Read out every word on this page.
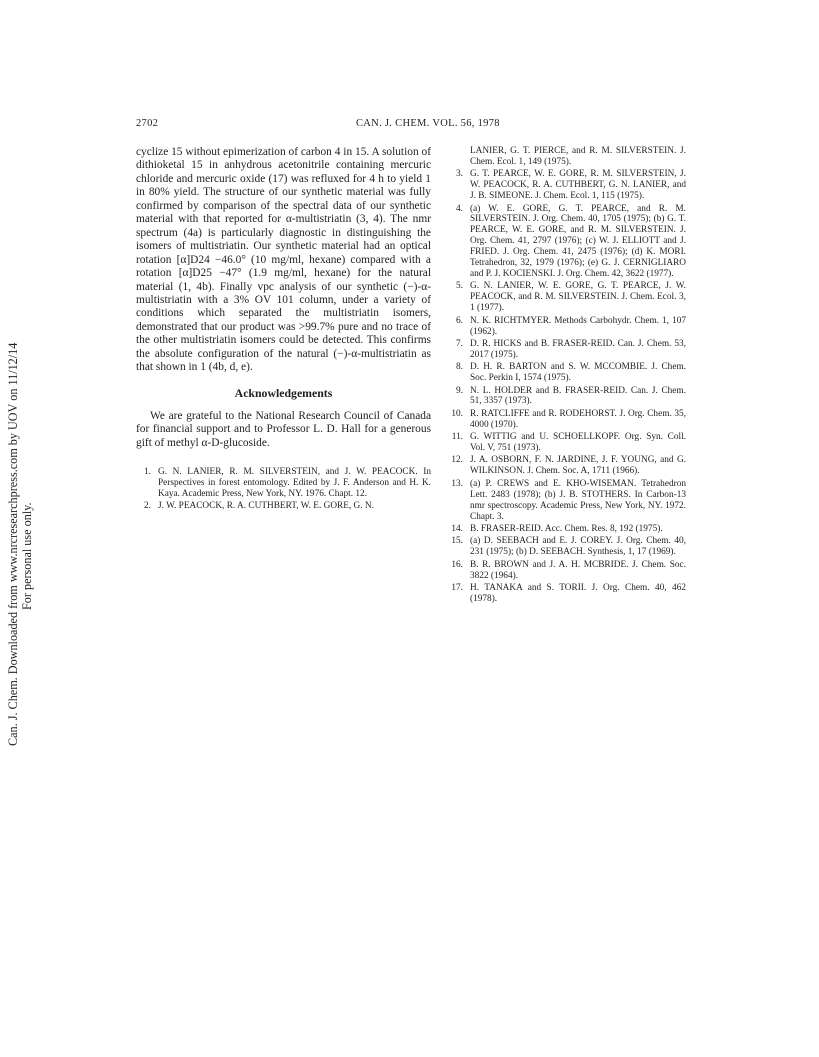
Can. J. Chem. Downloaded from www.nrcresearchpress.com by UOV on 11/12/14 For personal use only.
2702	CAN. J. CHEM. VOL. 56, 1978

cyclize 15 without epimerization of carbon 4 in 15. A solution of dithioketal 15 in anhydrous acetonitrile containing mercuric chloride and mercuric oxide (17) was refluxed for 4 h to yield 1 in 80% yield. The structure of our synthetic material was fully confirmed by comparison of the spectral data of our synthetic material with that reported for α-multistriatin (3, 4). The nmr spectrum (4a) is particularly diagnostic in distinguishing the isomers of multistriatin. Our synthetic material had an optical rotation [α]D24 −46.0° (10 mg/ml, hexane) compared with a rotation [α]D25 −47° (1.9 mg/ml, hexane) for the natural material (1, 4b). Finally vpc analysis of our synthetic (−)-α-multistriatin with a 3% OV 101 column, under a variety of conditions which separated the multistriatin isomers, demonstrated that our product was >99.7% pure and no trace of the other multistriatin isomers could be detected. This confirms the absolute configuration of the natural (−)-α-multistriatin as that shown in 1 (4b, d, e).

Acknowledgements

We are grateful to the National Research Council of Canada for financial support and to Professor L. D. Hall for a generous gift of methyl α-D-glucoside.

1. G. N. LANIER, R. M. SILVERSTEIN, and J. W. PEACOCK. In Perspectives in forest entomology. Edited by J. F. Anderson and H. K. Kaya. Academic Press, New York, NY. 1976. Chapt. 12.
2. J. W. PEACOCK, R. A. CUTHBERT, W. E. GORE, G. N.
LANIER, G. T. PIERCE, and R. M. SILVERSTEIN. J. Chem. Ecol. 1, 149 (1975).
3. G. T. PEARCE, W. E. GORE, R. M. SILVERSTEIN, J. W. PEACOCK, R. A. CUTHBERT, G. N. LANIER, and J. B. SIMEONE. J. Chem. Ecol. 1, 115 (1975).
4. (a) W. E. GORE, G. T. PEARCE, and R. M. SILVERSTEIN. J. Org. Chem. 40, 1705 (1975); (b) G. T. PEARCE, W. E. GORE, and R. M. SILVERSTEIN. J. Org. Chem. 41, 2797 (1976); (c) W. J. ELLIOTT and J. FRIED. J. Org. Chem. 41, 2475 (1976); (d) K. MORI. Tetrahedron, 32, 1979 (1976); (e) G. J. CERNIGLIARO and P. J. KOCIENSKI. J. Org. Chem. 42, 3622 (1977).
5. G. N. LANIER, W. E. GORE, G. T. PEARCE, J. W. PEACOCK, and R. M. SILVERSTEIN. J. Chem. Ecol. 3, 1 (1977).
6. N. K. RICHTMYER. Methods Carbohydr. Chem. 1, 107 (1962).
7. D. R. HICKS and B. FRASER-REID. Can. J. Chem. 53, 2017 (1975).
8. D. H. R. BARTON and S. W. MCCOMBIE. J. Chem. Soc. Perkin I, 1574 (1975).
9. N. L. HOLDER and B. FRASER-REID. Can. J. Chem. 51, 3357 (1973).
10. R. RATCLIFFE and R. RODEHORST. J. Org. Chem. 35, 4000 (1970).
11. G. WITTIG and U. SCHOELLKOPF. Org. Syn. Coll. Vol. V, 751 (1973).
12. J. A. OSBORN, F. N. JARDINE, J. F. YOUNG, and G. WILKINSON. J. Chem. Soc. A, 1711 (1966).
13. (a) P. CREWS and E. KHO-WISEMAN. Tetrahedron Lett. 2483 (1978); (b) J. B. STOTHERS. In Carbon-13 nmr spectroscopy. Academic Press, New York, NY. 1972. Chapt. 3.
14. B. FRASER-REID. Acc. Chem. Res. 8, 192 (1975).
15. (a) D. SEEBACH and E. J. COREY. J. Org. Chem. 40, 231 (1975); (b) D. SEEBACH. Synthesis, 1, 17 (1969).
16. B. R. BROWN and J. A. H. MCBRIDE. J. Chem. Soc. 3822 (1964).
17. H. TANAKA and S. TORII. J. Org. Chem. 40, 462 (1978).
